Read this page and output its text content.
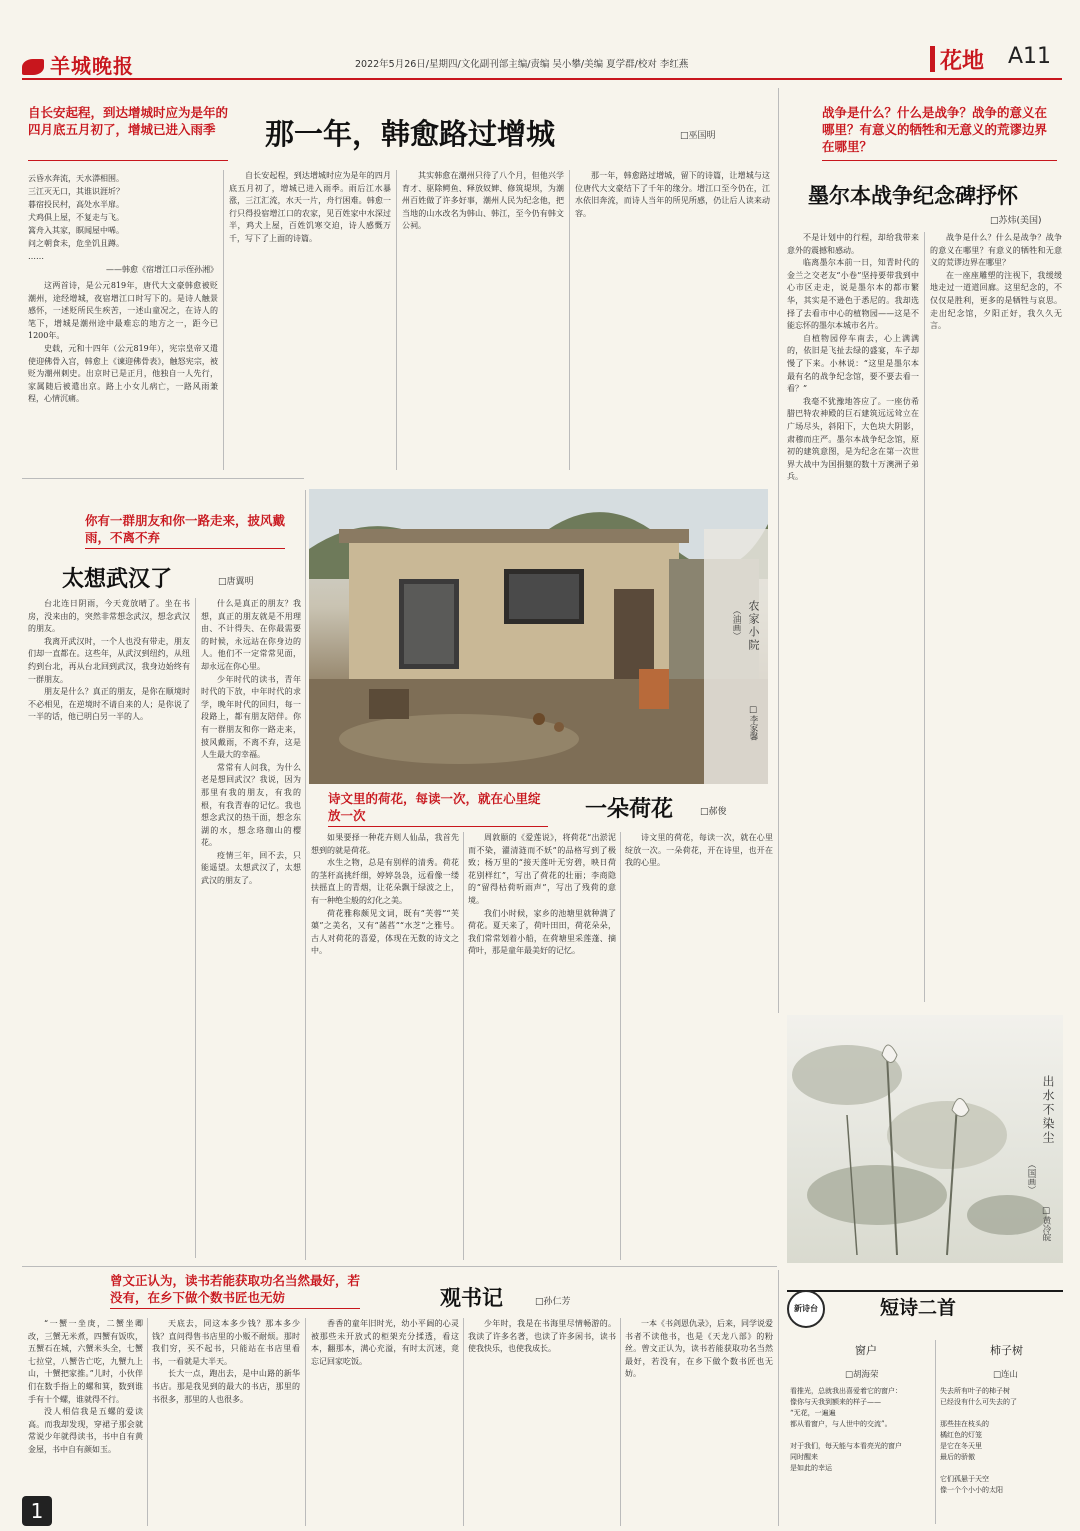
羊城晚报	2022年5月26日/星期四/文化副刊部主编/责编 吴小攀/美编 夏学群/校对 李红燕	花地 A11
自长安起程，到达增城时应为是年的四月底五月初了，增城已进入雨季	那一年，韩愈路过增城	□巫国明

云昏水奔流，天水漭相围。

三江灭无口，其谁识涯圻？

暮宿投民村，高处水半扉。

犬鸡俱上屋，不复走与飞。

篙舟入其家，瞑闻屋中唏。

问之朝食未，危坐饥且蹲。

……

——韩愈《宿增江口示侄孙湘》

这两首诗，是公元819年，唐代大文豪韩愈被贬潮州，途经增城，夜宿增江口时写下的。是诗人触景感怀，一述贬所民生疾苦，一述山童况之，在诗人的笔下，增城是潮州途中最难忘的地方之一，距今已1200年。

史载，元和十四年（公元819年），宪宗皇帝又遣使迎佛骨入宫，韩愈上《谏迎佛骨表》，触怒宪宗，被贬为潮州刺史。出京时已是正月，他独自一人先行，家属随后被遣出京。路上小女儿病亡，一路风雨兼程，心情沉痛。

自长安起程，到达增城时应为是年的四月底五月初了，增城已进入雨季。雨后江水暴涨，三江汇流，水天一片，舟行困难。韩愈一行只得投宿增江口的农家，见百姓家中水深过半，鸡犬上屋，百姓饥寒交迫，诗人感慨万千，写下了上面的诗篇。

其实韩愈在潮州只待了八个月，但他兴学育才、驱除鳄鱼、释放奴婢、修筑堤坝，为潮州百姓做了许多好事，潮州人民为纪念他，把当地的山水改名为韩山、韩江，至今仍有韩文公祠。

那一年，韩愈路过增城，留下的诗篇，让增城与这位唐代大文豪结下了千年的缘分。增江口至今仍在，江水依旧奔流，而诗人当年的所见所感，仍让后人读来动容。

战争是什么？什么是战争？战争的意义在哪里？有意义的牺牲和无意义的荒谬边界在哪里？
墨尔本战争纪念碑抒怀
□苏炜(美国)

不是计划中的行程，却给我带来意外的震撼和感动。

临离墨尔本前一日，知青时代的金兰之交老友“小卷”坚持要带我到中心市区走走，说是墨尔本的都市繁华，其实是不逊色于悉尼的。我却选择了去看市中心的植物园——这是不能忘怀的墨尔本城市名片。

自植物园停车南去，心上满满的，依旧是飞扯去绿的盛宴，车子却慢了下来。小林说：“这里是墨尔本最有名的战争纪念馆，要不要去看一看？”

我毫不犹豫地答应了。一座仿希腊巴特农神殿的巨石建筑远远耸立在广场尽头，斜阳下，大色块大阴影，肃穆而庄严。墨尔本战争纪念馆，原初的建筑意图，是为纪念在第一次世界大战中为国捐躯的数十万澳洲子弟兵。

战争是什么？什么是战争？战争的意义在哪里？有意义的牺牲和无意义的荒谬边界在哪里？

在一座座雕塑的注视下，我缓缓地走过一道道回廊。这里纪念的，不仅仅是胜利，更多的是牺牲与哀思。走出纪念馆，夕阳正好，我久久无言。

你有一群朋友和你一路走来，披风戴雨，不离不弃
太想武汉了	□唐翼明

台北连日阴雨，今天竟放晴了。坐在书房，没来由的，突然非常想念武汉，想念武汉的朋友。

我离开武汉时，一个人也没有带走，朋友们却一直都在。这些年，从武汉到纽约，从纽约到台北，再从台北回到武汉，我身边始终有一群朋友。

朋友是什么？真正的朋友，是你在顺境时不必相见，在逆境时不请自来的人；是你说了一半的话，他已明白另一半的人。

什么是真正的朋友？我想，真正的朋友就是不用理由、不计得失、在你最需要的时候，永远站在你身边的人。他们不一定常常见面，却永远在你心里。

少年时代的读书，青年时代的下放，中年时代的求学，晚年时代的回归，每一段路上，都有朋友陪伴。你有一群朋友和你一路走来，披风戴雨，不离不弃，这是人生最大的幸福。

常常有人问我，为什么老是想回武汉？我说，因为那里有我的朋友，有我的根，有我青春的记忆。我也想念武汉的热干面，想念东湖的水，想念珞珈山的樱花。

疫情三年，回不去，只能遥望。太想武汉了，太想武汉的朋友了。

农家小院
（油画）
□李家馨
诗文里的荷花，每读一次，就在心里绽放一次	一朵荷花	□郝俊

如果要择一种花卉则人仙品，我首先想到的就是荷花。

水生之物，总是有别样的清秀。荷花的茎秆高挑纤细，婷婷袅袅，远看像一缕扶摇直上的青烟，让花朵飘于绿波之上，有一种绝尘般的幻化之美。

荷花雅称颇见文词，既有“芙蓉”“芙蕖”之美名，又有“菡萏”“水芝”之雅号。古人对荷花的喜爱，体现在无数的诗文之中。

周敦颐的《爱莲说》，将荷花“出淤泥而不染，濯清涟而不妖”的品格写到了极致；杨万里的“接天莲叶无穷碧，映日荷花别样红”，写出了荷花的壮丽；李商隐的“留得枯荷听雨声”，写出了残荷的意境。

我们小时候，家乡的池塘里就种满了荷花。夏天来了，荷叶田田，荷花朵朵，我们常常划着小船，在荷塘里采莲蓬、摘荷叶，那是童年最美好的记忆。

诗文里的荷花，每读一次，就在心里绽放一次。一朵荷花，开在诗里，也开在我的心里。

出水不染尘
（国画）
□黄冷皖
曾文正认为，读书若能获取功名当然最好，若没有，在乡下做个数书匠也无妨	观书记	□孙仁芳

“一蟹一坐庚，二蟹坐卿改，三蟹无米煮，四蟹有饭吹，五蟹石在城，六蟹米头全，七蟹七拉堂，八蟹告亡吃，九蟹九上山，十蟹把家推。”儿时，小伙伴们在数手指上的螺和箕，数到谁手有十个螺，谁就得不行。

没人相信我是五螺的爱读高。而我却发现，穿裙子那会就常说少年就得读书，书中自有黄金屋，书中自有颜如玉。

天底去，同这本多少钱？那本多少钱？直问得售书店里的小贩不耐烦。那时我们穷，买不起书，只能站在书店里看书，一看就是大半天。

长大一点，跑出去，是中山路的新华书店。那是我见到的最大的书店，那里的书很多，那里的人也很多。

香香的童年旧时光，幼小平阔的心灵被那些未开放式的柜架充分揉透，看这本，翻那本，满心充溢，有时太沉迷，竟忘记回家吃饭。

少年时，我是在书海里尽情畅游的。我读了许多名著，也读了许多闲书，读书使我快乐，也使我成长。

一本《书剑恩仇录》，后来，同学说爱书者不读他书，也是《天龙八部》的粉丝。曾文正认为，读书若能获取功名当然最好，若没有，在乡下做个数书匠也无妨。

新诗台	短诗二首
窗户
□胡海荣

看推光，总就我出喜爱着它的窗户：

像你与天我到额来的样子——

“无花，一遍遍

都从看窗户，与人世中的交流”。

对于我们，每天能与本看亮光的窗户

同时醒来

是如此的幸运

柿子树
□连山

失去所有叶子的柿子树

已经没有什么可失去的了

那些挂在枝头的

橘红色的灯笼

是它在冬天里

最后的骄傲

它们孤悬于天空

像一个个小小的太阳

1
